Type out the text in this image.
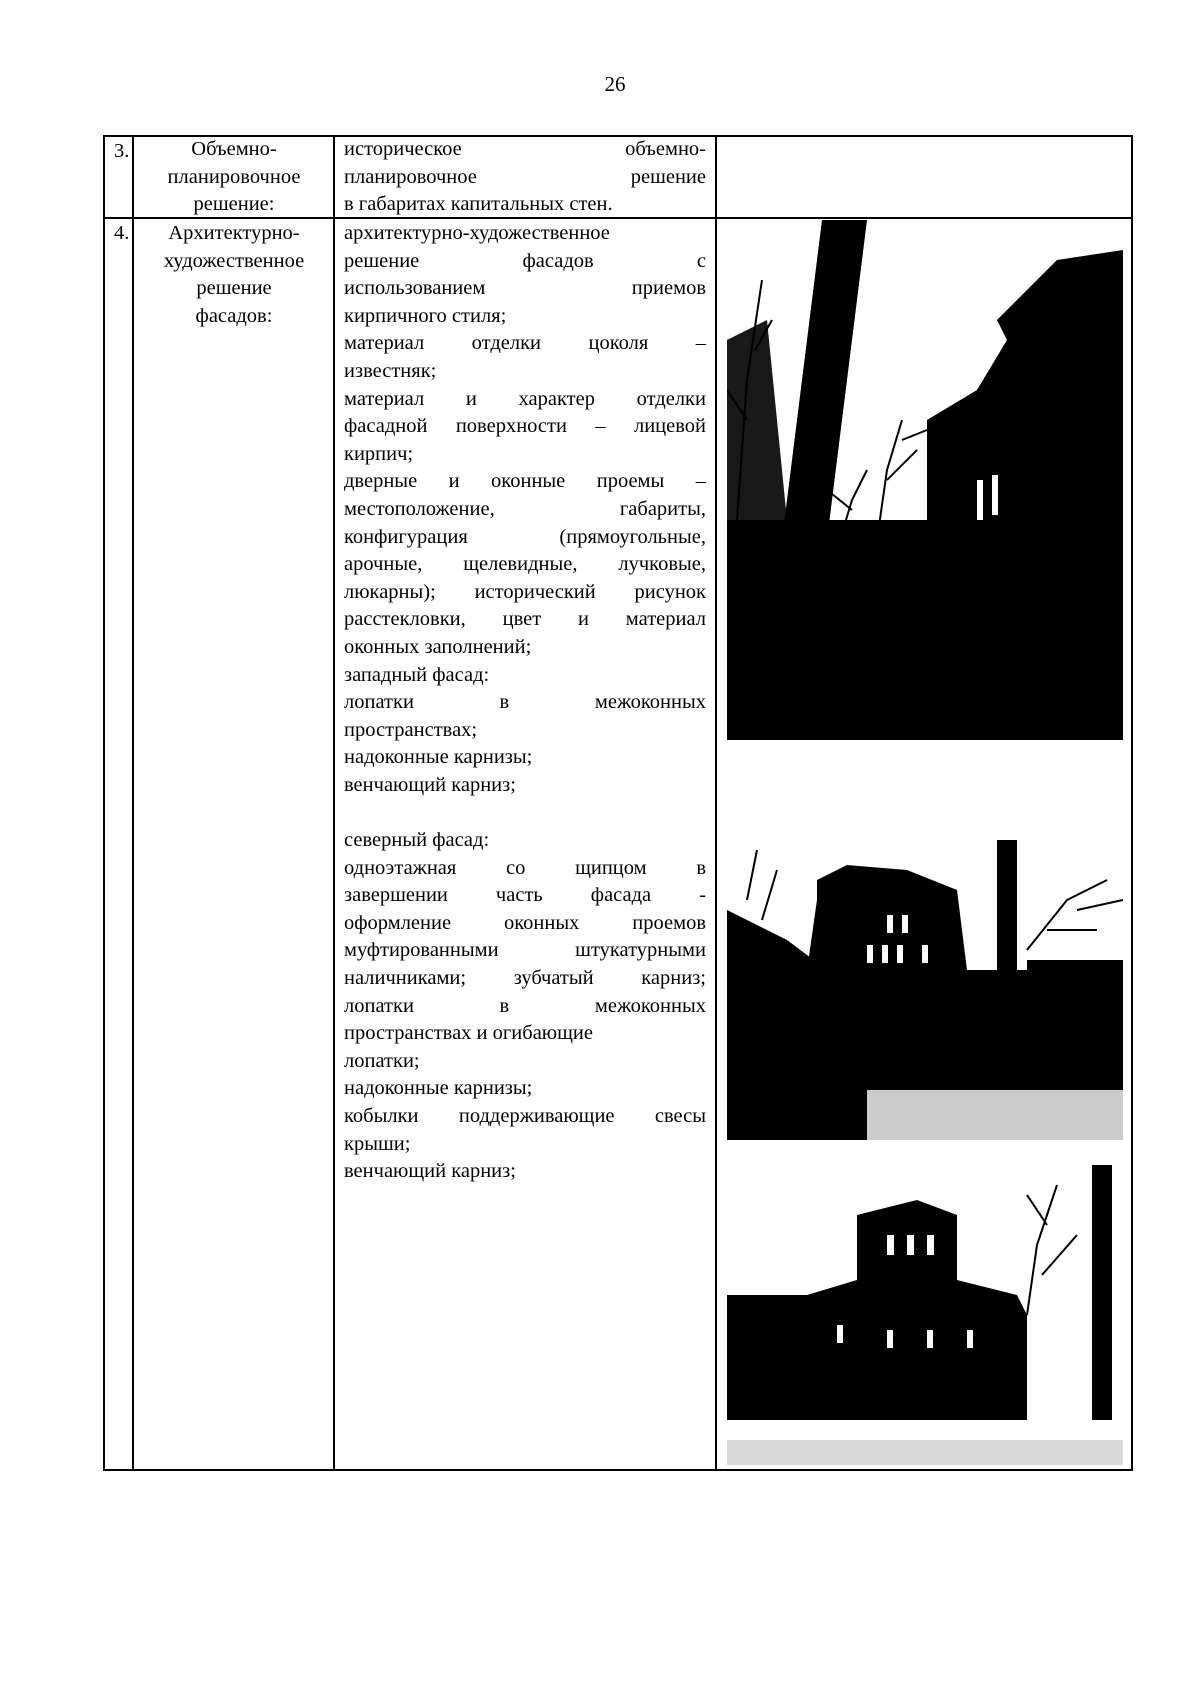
26
3.	Объемно-
планировочное
решение:

историческое объемно-

планировочное решение

в габаритах капитальных стен.

4.	Архитектурно-
художественное
решение
фасадов:

архитектурно-художественное

решение фасадов с

использованием приемов

кирпичного стиля;

материал отделки цоколя –

известняк;

материал и характер отделки

фасадной поверхности – лицевой

кирпич;

дверные и оконные проемы –

местоположение, габариты,

конфигурация (прямоугольные,

арочные, щелевидные, лучковые,

люкарны); исторический рисунок

расстекловки, цвет и материал

оконных заполнений;

западный фасад:

лопатки в межоконных

пространствах;

надоконные карнизы;

венчающий карниз;

северный фасад:

одноэтажная со щипцом в

завершении часть фасада -

оформление оконных проемов

муфтированными штукатурными

наличниками; зубчатый карниз;

лопатки в межоконных

пространствах и огибающие

лопатки;

надоконные карнизы;

кобылки поддерживающие свесы

крыши;

венчающий карниз;
